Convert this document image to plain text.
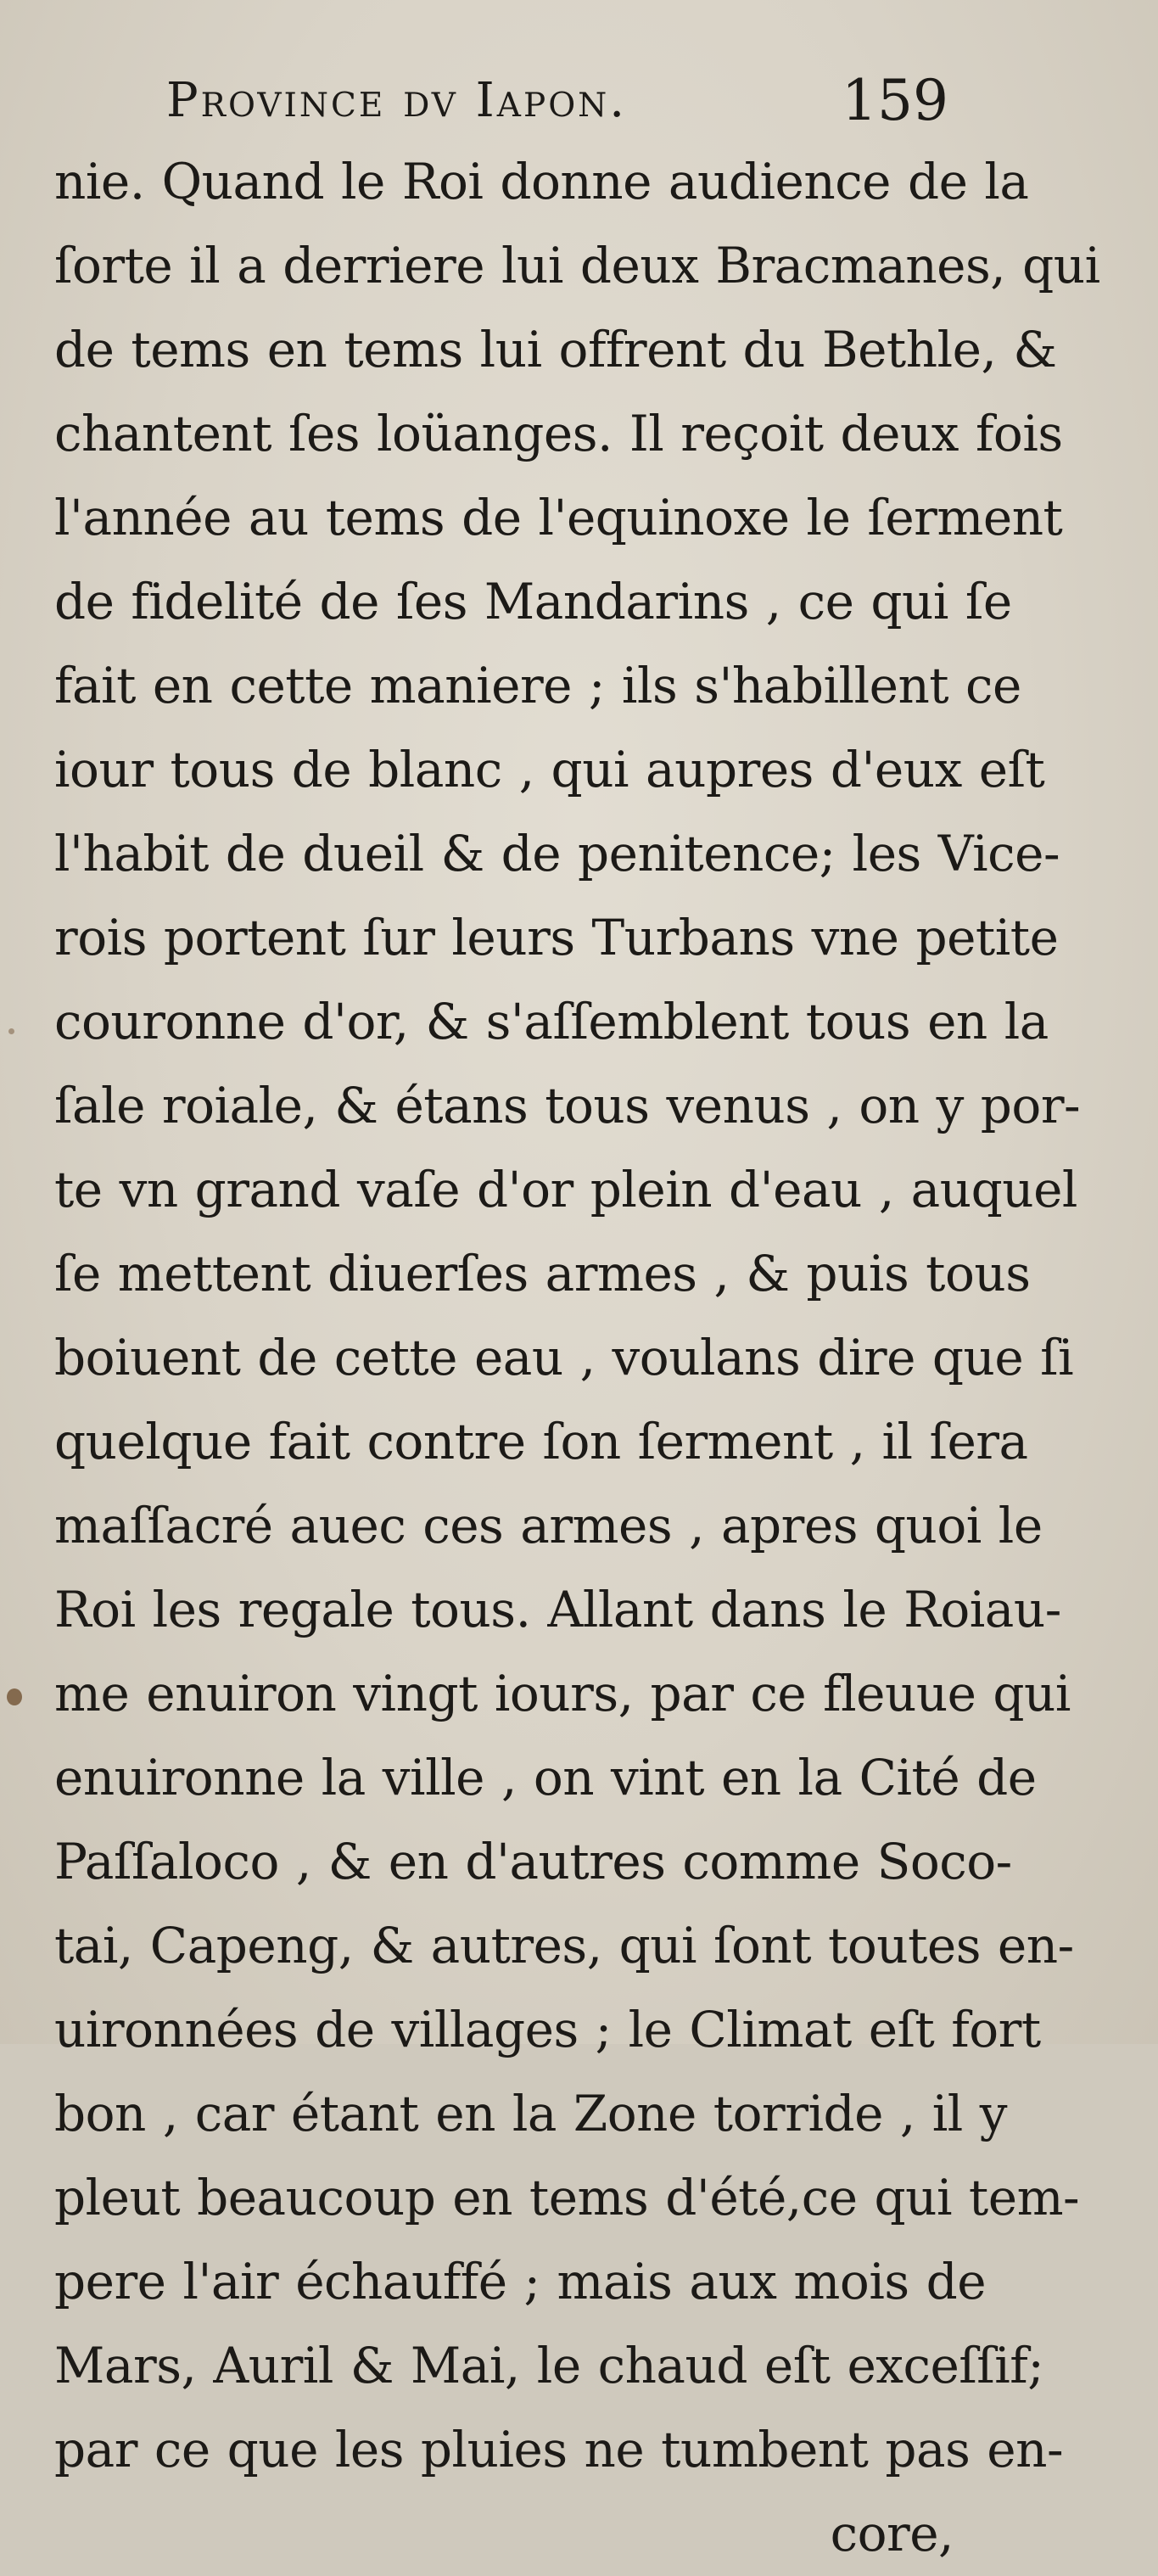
Province dv Iapon.	159
nie. Quand le Roi donne audience de la
ſorte il a derriere lui deux Bracmanes, qui
de tems en tems lui offrent du Bethle, &
chantent ſes loüanges. Il reçoit deux fois
l'année au tems de l'equinoxe le ſerment
de fidelité de ſes Mandarins , ce qui ſe
fait en cette maniere ; ils s'habillent ce
iour tous de blanc , qui aupres d'eux eſt
l'habit de dueil & de penitence; les Vice-
rois portent ſur leurs Turbans vne petite
couronne d'or, & s'aſſemblent tous en la
ſale roiale, & étans tous venus , on y por-
te vn grand vaſe d'or plein d'eau , auquel
ſe mettent diuerſes armes , & puis tous
boiuent de cette eau , voulans dire que ſi
quelque fait contre ſon ſerment , il ſera
maſſacré auec ces armes , apres quoi le
Roi les regale tous. Allant dans le Roiau-
me enuiron vingt iours, par ce fleuue qui
enuironne la ville , on vint en la Cité de
Paſſaloco , & en d'autres comme Soco-
tai, Capeng, & autres, qui ſont toutes en-
uironnées de villages ; le Climat eſt fort
bon , car étant en la Zone torride , il y
pleut beaucoup en tems d'été,ce qui tem-
pere l'air échauffé ; mais aux mois de
Mars, Auril & Mai, le chaud eſt exceſſif;
par ce que les pluies ne tumbent pas en-
core,
